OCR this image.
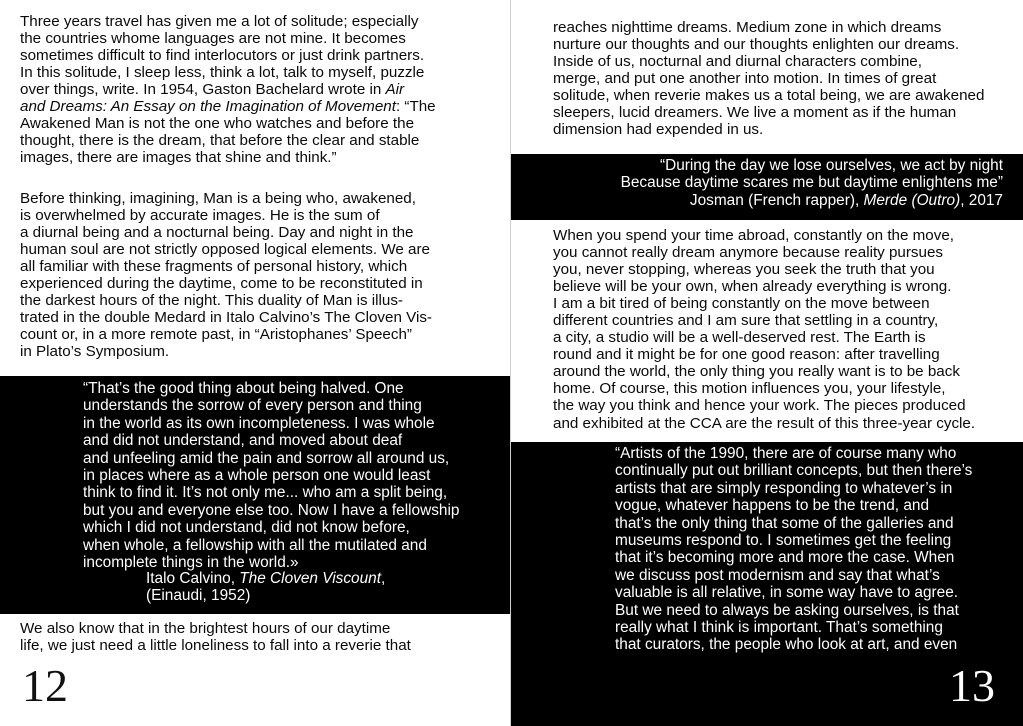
Three years travel has given me a lot of solitude; especially
the countries whome languages are not mine. It becomes
sometimes difficult to find interlocutors or just drink partners.
In this solitude, I sleep less, think a lot, talk to myself, puzzle
over things, write. In 1954, Gaston Bachelard wrote in Air
and Dreams: An Essay on the Imagination of Movement: “The
Awakened Man is not the one who watches and before the
thought, there is the dream, that before the clear and stable
images, there are images that shine and think.”
Before thinking, imagining, Man is a being who, awakened,
is overwhelmed by accurate images. He is the sum of
a diurnal being and a nocturnal being. Day and night in the
human soul are not strictly opposed logical elements. We are
all familiar with these fragments of personal history, which
experienced during the daytime, come to be reconstituted in
the darkest hours of the night. This duality of Man is illus-
trated in the double Medard in Italo Calvino’s The Cloven Vis-
count or, in a more remote past, in “Aristophanes’ Speech”
in Plato’s Symposium.
“That’s the good thing about being halved. One
understands the sorrow of every person and thing
in the world as its own incompleteness. I was whole
and did not understand, and moved about deaf
and unfeeling amid the pain and sorrow all around us,
in places where as a whole person one would least
think to find it. It’s not only me... who am a split being,
but you and everyone else too. Now I have a fellowship
which I did not understand, did not know before,
when whole, a fellowship with all the mutilated and
incomplete things in the world.»
Italo Calvino, The Cloven Viscount,
(Einaudi, 1952)
We also know that in the brightest hours of our daytime
life, we just need a little loneliness to fall into a reverie that
12
reaches nighttime dreams. Medium zone in which dreams
nurture our thoughts and our thoughts enlighten our dreams.
Inside of us, nocturnal and diurnal characters combine,
merge, and put one another into motion. In times of great
solitude, when reverie makes us a total being, we are awakened
sleepers, lucid dreamers. We live a moment as if the human
dimension had expended in us.
“During the day we lose ourselves, we act by night
Because daytime scares me but daytime enlightens me”
Josman (French rapper), Merde (Outro), 2017
When you spend your time abroad, constantly on the move,
you cannot really dream anymore because reality pursues
you, never stopping, whereas you seek the truth that you
believe will be your own, when already everything is wrong.
I am a bit tired of being constantly on the move between
different countries and I am sure that settling in a country,
a city, a studio will be a well-deserved rest. The Earth is
round and it might be for one good reason: after travelling
around the world, the only thing you really want is to be back
home. Of course, this motion influences you, your lifestyle,
the way you think and hence your work. The pieces produced
and exhibited at the CCA are the result of this three-year cycle.
“Artists of the 1990, there are of course many who
continually put out brilliant concepts, but then there’s
artists that are simply responding to whatever’s in
vogue, whatever happens to be the trend, and
that’s the only thing that some of the galleries and
museums respond to. I sometimes get the feeling
that it’s becoming more and more the case. When
we discuss post modernism and say that what’s
valuable is all relative, in some way have to agree.
But we need to always be asking ourselves, is that
really what I think is important. That’s something
that curators, the people who look at art, and even
13
